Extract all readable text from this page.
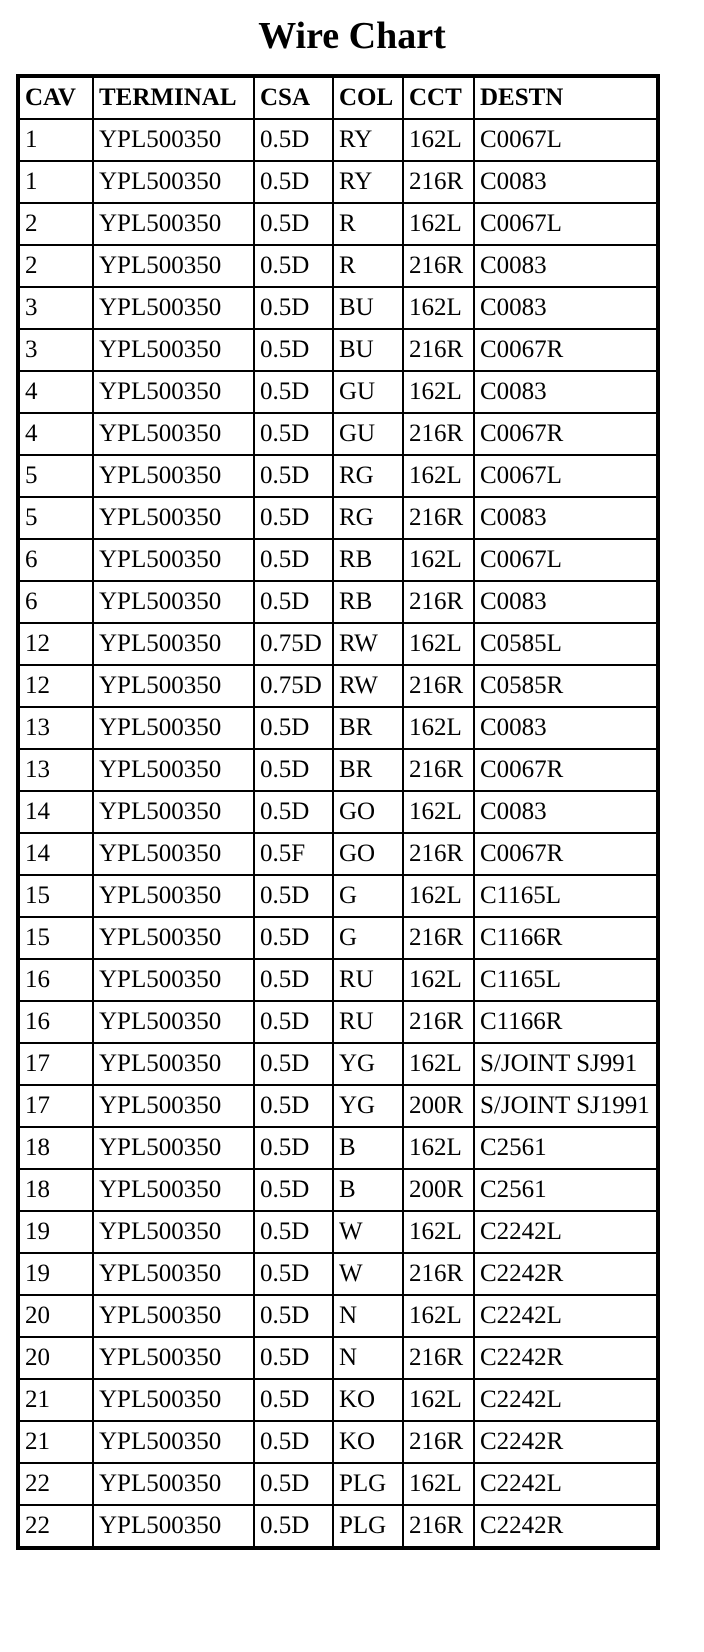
Wire Chart
CAV	TERMINAL	CSA	COL	CCT	DESTN
1	YPL500350	0.5D	RY	162L	C0067L
1	YPL500350	0.5D	RY	216R	C0083
2	YPL500350	0.5D	R	162L	C0067L
2	YPL500350	0.5D	R	216R	C0083
3	YPL500350	0.5D	BU	162L	C0083
3	YPL500350	0.5D	BU	216R	C0067R
4	YPL500350	0.5D	GU	162L	C0083
4	YPL500350	0.5D	GU	216R	C0067R
5	YPL500350	0.5D	RG	162L	C0067L
5	YPL500350	0.5D	RG	216R	C0083
6	YPL500350	0.5D	RB	162L	C0067L
6	YPL500350	0.5D	RB	216R	C0083
12	YPL500350	0.75D	RW	162L	C0585L
12	YPL500350	0.75D	RW	216R	C0585R
13	YPL500350	0.5D	BR	162L	C0083
13	YPL500350	0.5D	BR	216R	C0067R
14	YPL500350	0.5D	GO	162L	C0083
14	YPL500350	0.5F	GO	216R	C0067R
15	YPL500350	0.5D	G	162L	C1165L
15	YPL500350	0.5D	G	216R	C1166R
16	YPL500350	0.5D	RU	162L	C1165L
16	YPL500350	0.5D	RU	216R	C1166R
17	YPL500350	0.5D	YG	162L	S/JOINT SJ991
17	YPL500350	0.5D	YG	200R	S/JOINT SJ1991
18	YPL500350	0.5D	B	162L	C2561
18	YPL500350	0.5D	B	200R	C2561
19	YPL500350	0.5D	W	162L	C2242L
19	YPL500350	0.5D	W	216R	C2242R
20	YPL500350	0.5D	N	162L	C2242L
20	YPL500350	0.5D	N	216R	C2242R
21	YPL500350	0.5D	KO	162L	C2242L
21	YPL500350	0.5D	KO	216R	C2242R
22	YPL500350	0.5D	PLG	162L	C2242L
22	YPL500350	0.5D	PLG	216R	C2242R
